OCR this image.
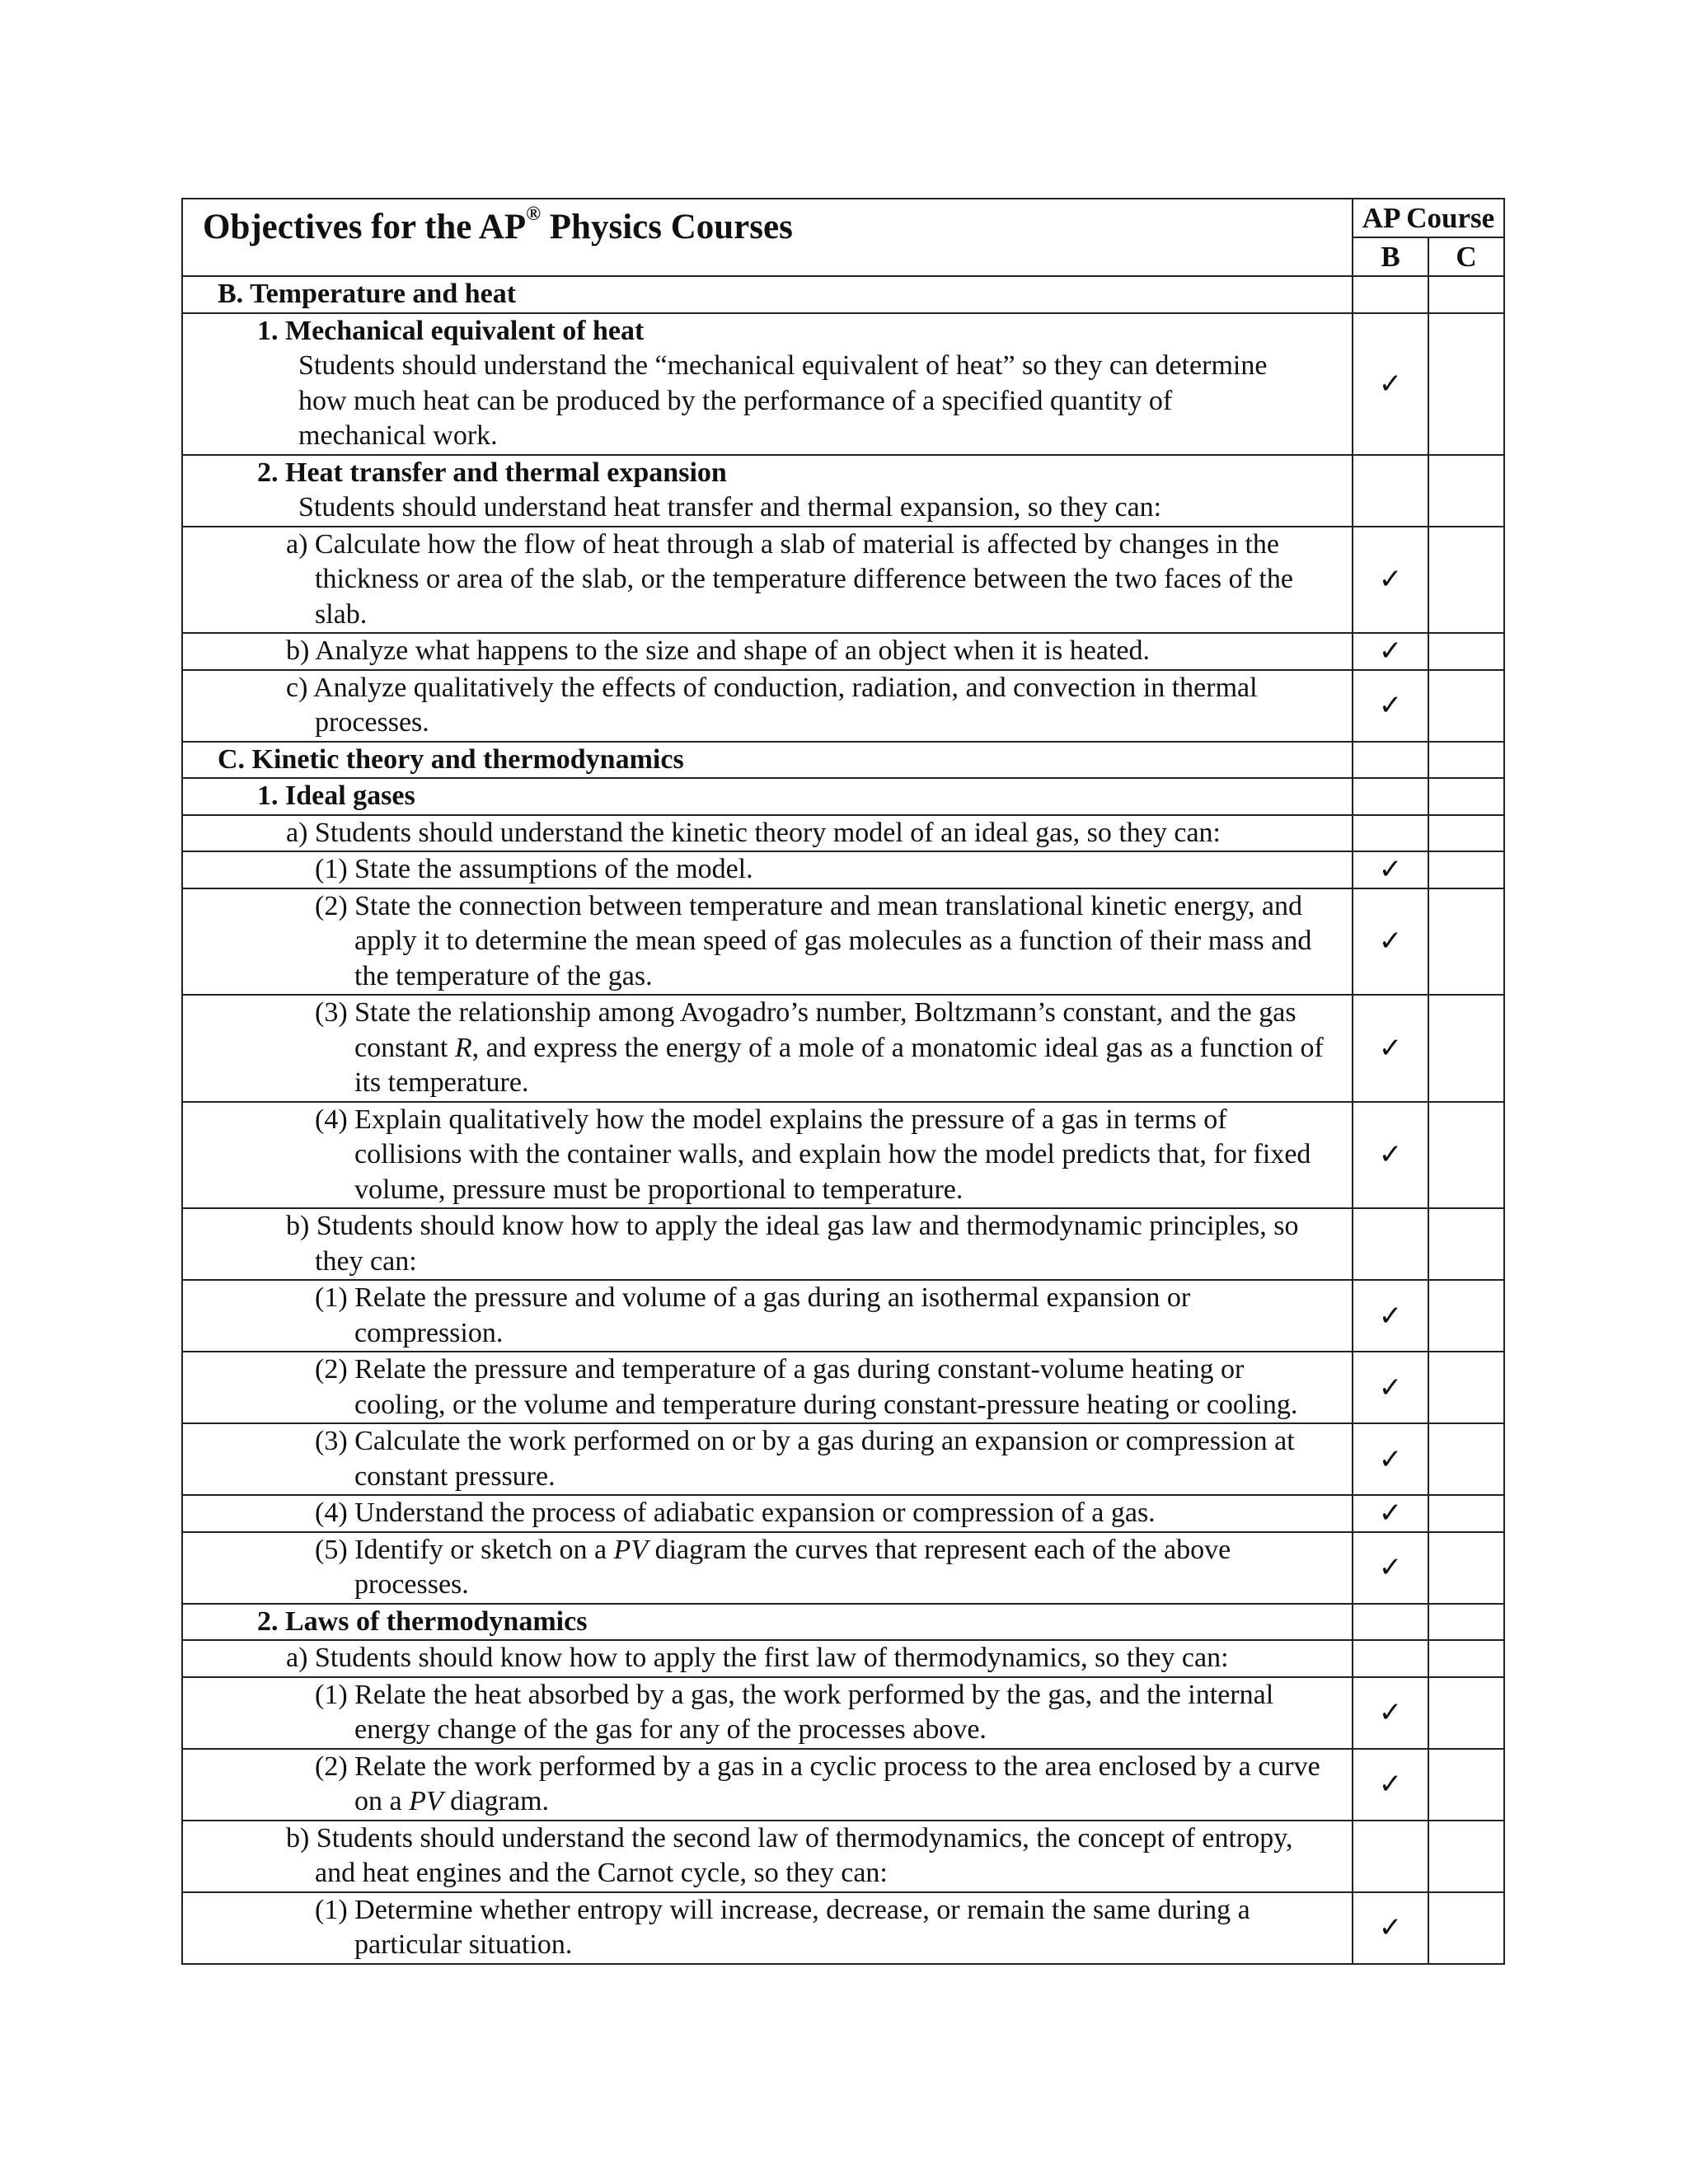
Objectives for the AP® Physics Courses	AP Course	
	B	C

B. Temperature and heat		

1. Mechanical equivalent of heat
Students should understand the “mechanical equivalent of heat” so they can determine how much heat can be produced by the performance of a specified quantity of mechanical work.	✓	

2. Heat transfer and thermal expansion
Students should understand heat transfer and thermal expansion, so they can:		

a) Calculate how the flow of heat through a slab of material is affected by changes in the thickness or area of the slab, or the temperature difference between the two faces of the slab.	✓	

b) Analyze what happens to the size and shape of an object when it is heated.	✓	

c) Analyze qualitatively the effects of conduction, radiation, and convection in thermal processes.	✓	

C. Kinetic theory and thermodynamics		

1. Ideal gases		

a) Students should understand the kinetic theory model of an ideal gas, so they can:		

(1) State the assumptions of the model.	✓	

(2) State the connection between temperature and mean translational kinetic energy, and apply it to determine the mean speed of gas molecules as a function of their mass and the temperature of the gas.	✓	

(3) State the relationship among Avogadro’s number, Boltzmann’s constant, and the gas constant R, and express the energy of a mole of a monatomic ideal gas as a function of its temperature.	✓	

(4) Explain qualitatively how the model explains the pressure of a gas in terms of collisions with the container walls, and explain how the model predicts that, for fixed volume, pressure must be proportional to temperature.	✓	

b) Students should know how to apply the ideal gas law and thermodynamic principles, so they can:		

(1) Relate the pressure and volume of a gas during an isothermal expansion or compression.	✓	

(2) Relate the pressure and temperature of a gas during constant-volume heating or cooling, or the volume and temperature during constant-pressure heating or cooling.	✓	

(3) Calculate the work performed on or by a gas during an expansion or compression at constant pressure.	✓	

(4) Understand the process of adiabatic expansion or compression of a gas.	✓	

(5) Identify or sketch on a PV diagram the curves that represent each of the above processes.	✓	

2. Laws of thermodynamics		

a) Students should know how to apply the first law of thermodynamics, so they can:		

(1) Relate the heat absorbed by a gas, the work performed by the gas, and the internal energy change of the gas for any of the processes above.	✓	

(2) Relate the work performed by a gas in a cyclic process to the area enclosed by a curve on a PV diagram.	✓	

b) Students should understand the second law of thermodynamics, the concept of entropy, and heat engines and the Carnot cycle, so they can:		

(1) Determine whether entropy will increase, decrease, or remain the same during a particular situation.	✓	
